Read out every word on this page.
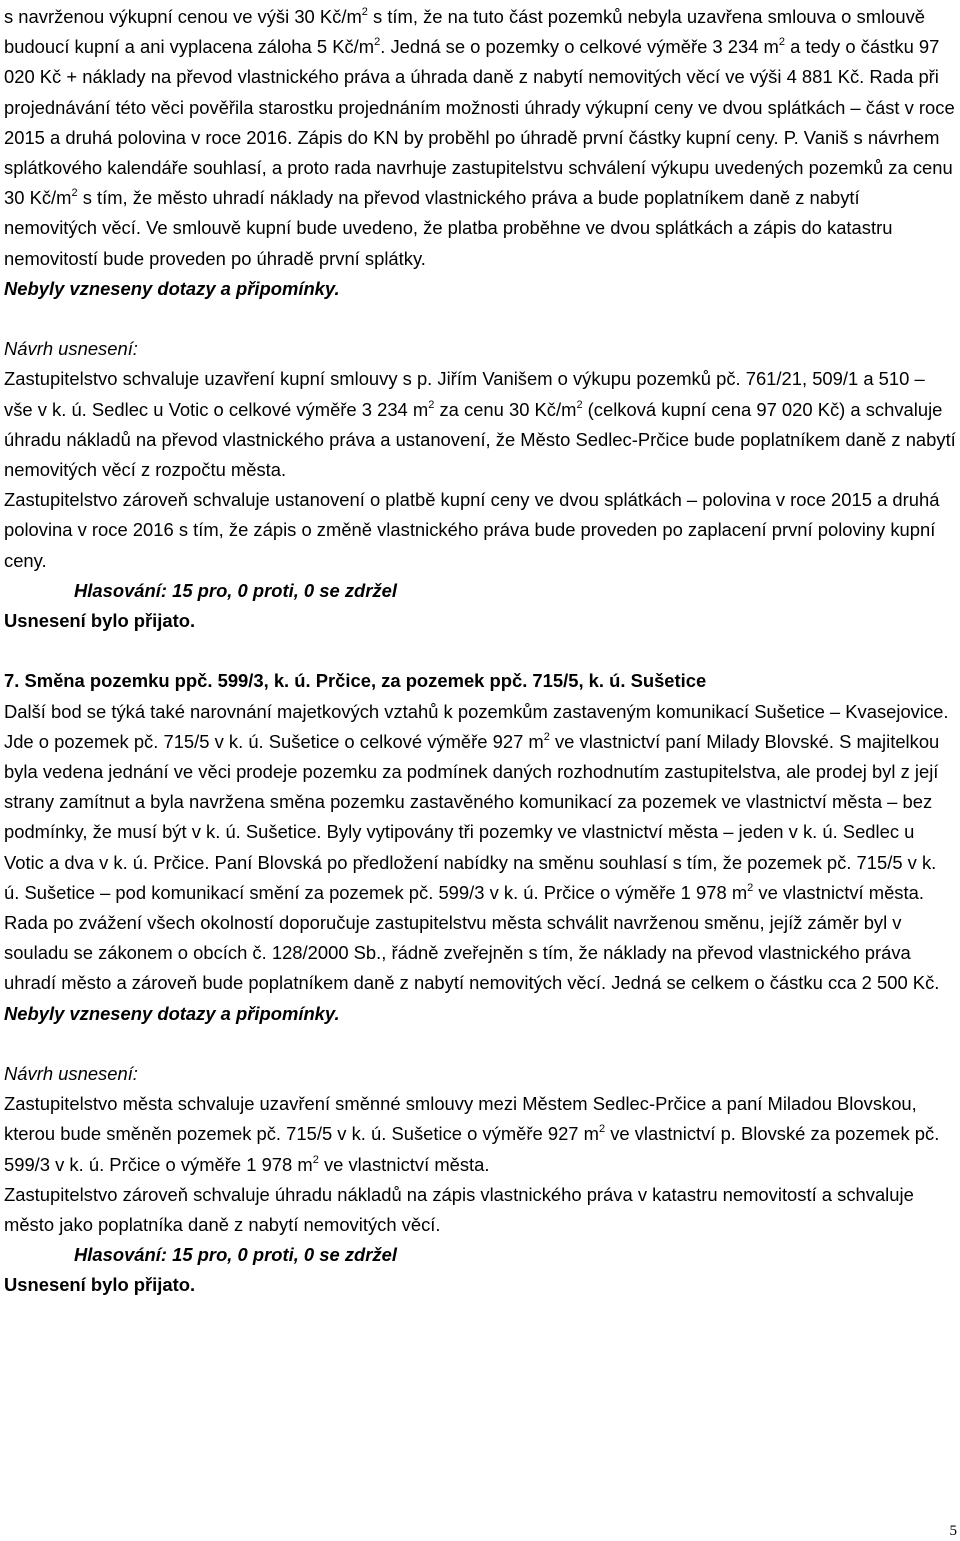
s navrženou výkupní cenou ve výši 30 $Kč/m^2$ s tím, že na tuto část pozemků nebyla uzavřena smlouva o smlouvě budoucí kupní a ani vyplacena záloha 5 $Kč/m^2$. Jedná se o pozemky o celkové výměře 3 234 $m^2$ a tedy o částku 97 020 Kč + náklady na převod vlastnického práva a úhrada daně z nabytí nemovitých věcí ve výši 4 881 Kč. Rada při projednávání této věci pověřila starostku projednáním možnosti úhrady výkupní ceny ve dvou splátkách – část v roce 2015 a druhá polovina v roce 2016. Zápis do KN by proběhl po úhradě první částky kupní ceny. P. Vaniš s návrhem splátkového kalendáře souhlasí, a proto rada navrhuje zastupitelstvu schválení výkupu uvedených pozemků za cenu 30 $Kč/m^2$ s tím, že město uhradí náklady na převod vlastnického práva a bude poplatníkem daně z nabytí nemovitých věcí. Ve smlouvě kupní bude uvedeno, že platba proběhne ve dvou splátkách a zápis do katastru nemovitostí bude proveden po úhradě první splátky.

Nebyly vzneseny dotazy a připomínky.

Návrh usnesení:

Zastupitelstvo schvaluje uzavření kupní smlouvy s p. Jiřím Vanišem o výkupu pozemků pč. 761/21, 509/1 a 510 – vše v k. ú. Sedlec u Votic o celkové výměře 3 234 $m^2$ za cenu 30 $Kč/m^2$ (celková kupní cena 97 020 Kč) a schvaluje úhradu nákladů na převod vlastnického práva a ustanovení, že Město Sedlec-Prčice bude poplatníkem daně z nabytí nemovitých věcí z rozpočtu města.

Zastupitelstvo zároveň schvaluje ustanovení o platbě kupní ceny ve dvou splátkách – polovina v roce 2015 a druhá polovina v roce 2016 s tím, že zápis o změně vlastnického práva bude proveden po zaplacení první poloviny kupní ceny.

Hlasování: 15 pro, 0 proti, 0 se zdržel

Usnesení bylo přijato.

7. Směna pozemku ppč. 599/3, k. ú. Prčice, za pozemek ppč. 715/5, k. ú. Sušetice

Další bod se týká také narovnání majetkových vztahů k pozemkům zastaveným komunikací Sušetice – Kvasejovice. Jde o pozemek pč. 715/5 v k. ú. Sušetice o celkové výměře 927 $m^2$ ve vlastnictví paní Milady Blovské. S majitelkou byla vedena jednání ve věci prodeje pozemku za podmínek daných rozhodnutím zastupitelstva, ale prodej byl z její strany zamítnut a byla navržena směna pozemku zastavěného komunikací za pozemek ve vlastnictví města – bez podmínky, že musí být v k. ú. Sušetice. Byly vytipovány tři pozemky ve vlastnictví města – jeden v k. ú. Sedlec u Votic a dva v k. ú. Prčice. Paní Blovská po předložení nabídky na směnu souhlasí s tím, že pozemek pč. 715/5 v k. ú. Sušetice – pod komunikací smění za pozemek pč. 599/3 v k. ú. Prčice o výměře 1 978 $m^2$ ve vlastnictví města. Rada po zvážení všech okolností doporučuje zastupitelstvu města schválit navrženou směnu, jejíž záměr byl v souladu se zákonem o obcích č. 128/2000 Sb., řádně zveřejněn s tím, že náklady na převod vlastnického práva uhradí město a zároveň bude poplatníkem daně z nabytí nemovitých věcí. Jedná se celkem o částku cca 2 500 Kč.

Nebyly vzneseny dotazy a připomínky.

Návrh usnesení:

Zastupitelstvo města schvaluje uzavření směnné smlouvy mezi Městem Sedlec-Prčice a paní Miladou Blovskou, kterou bude směněn pozemek pč. 715/5 v k. ú. Sušetice o výměře 927 $m^2$ ve vlastnictví p. Blovské za pozemek pč. 599/3 v k. ú. Prčice o výměře 1 978 $m^2$ ve vlastnictví města.

Zastupitelstvo zároveň schvaluje úhradu nákladů na zápis vlastnického práva v katastru nemovitostí a schvaluje město jako poplatníka daně z nabytí nemovitých věcí.

Hlasování: 15 pro, 0 proti, 0 se zdržel

Usnesení bylo přijato.

5
